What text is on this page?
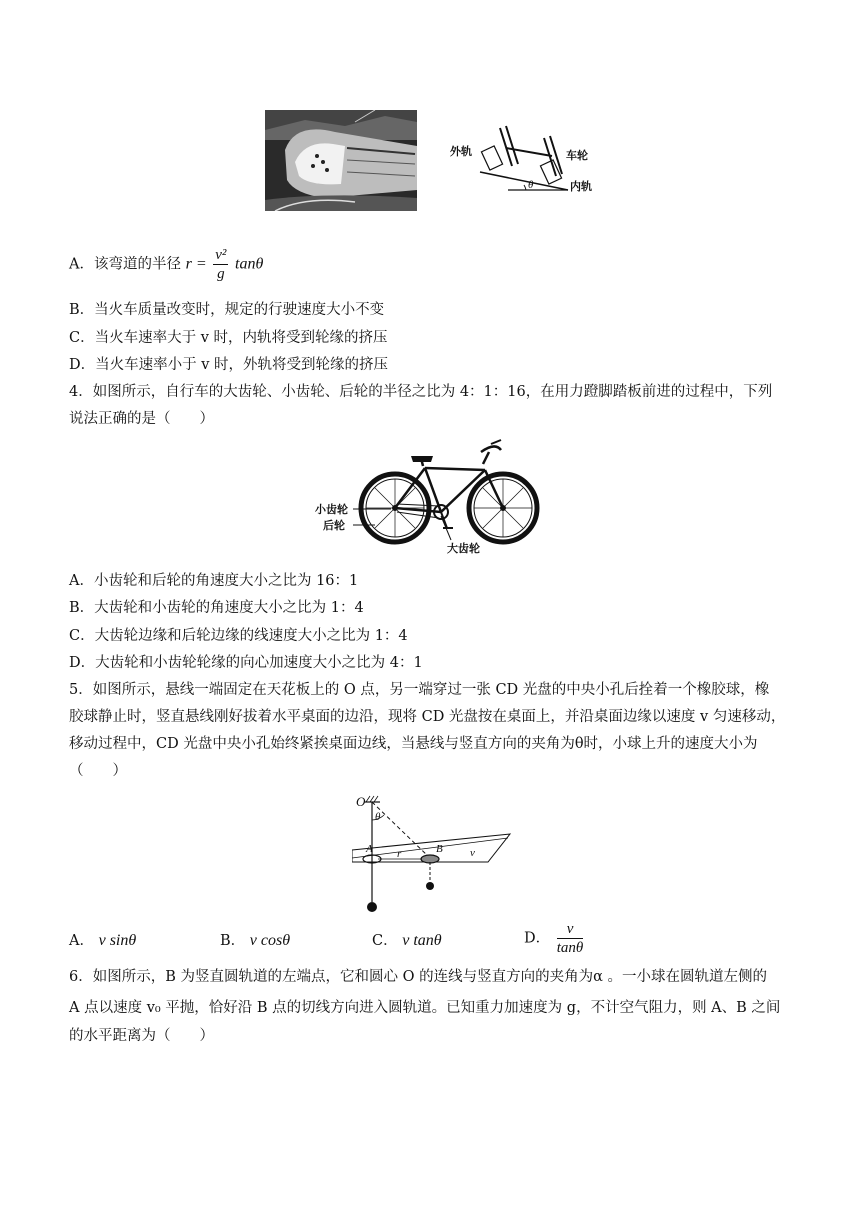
外轨	车轮
内轨
θ
A．该弯道的半径 $r = \frac{\text{v²}}{g}$ tanθ
B．当火车质量改变时，规定的行驶速度大小不变
C．当火车速率大于 v 时，内轨将受到轮缘的挤压
D．当火车速率小于 v 时，外轨将受到轮缘的挤压
4．如图所示，自行车的大齿轮、小齿轮、后轮的半径之比为 4：1：16，在用力蹬脚踏板前进的过程中，下列
说法正确的是（　　）
小齿轮
后轮
大齿轮
A．小齿轮和后轮的角速度大小之比为 16：1
B．大齿轮和小齿轮的角速度大小之比为 1：4
C．大齿轮边缘和后轮边缘的线速度大小之比为 1：4
D．大齿轮和小齿轮轮缘的向心加速度大小之比为 4：1
5．如图所示，悬线一端固定在天花板上的 O 点，另一端穿过一张 CD 光盘的中央小孔后拴着一个橡胶球，橡
胶球静止时，竖直悬线刚好拔着水平桌面的边沿，现将 CD 光盘按在桌面上，并沿桌面边缘以速度 v 匀速移动，
移动过程中，CD 光盘中央小孔始终紧挨桌面边线，当悬线与竖直方向的夹角为θ时，小球上升的速度大小为
（　　）
O
θ
A	B
r	v
A． v sinθ	B． v cosθ	C． v tanθ	D． $\frac{v}{\tan\theta}$
6．如图所示，B 为竖直圆轨道的左端点，它和圆心 O 的连线与竖直方向的夹角为α 。一小球在圆轨道左侧的
A 点以速度 v₀ 平抛，恰好沿 B 点的切线方向进入圆轨道。已知重力加速度为 g，不计空气阻力，则 A、B 之间
的水平距离为（　　）
